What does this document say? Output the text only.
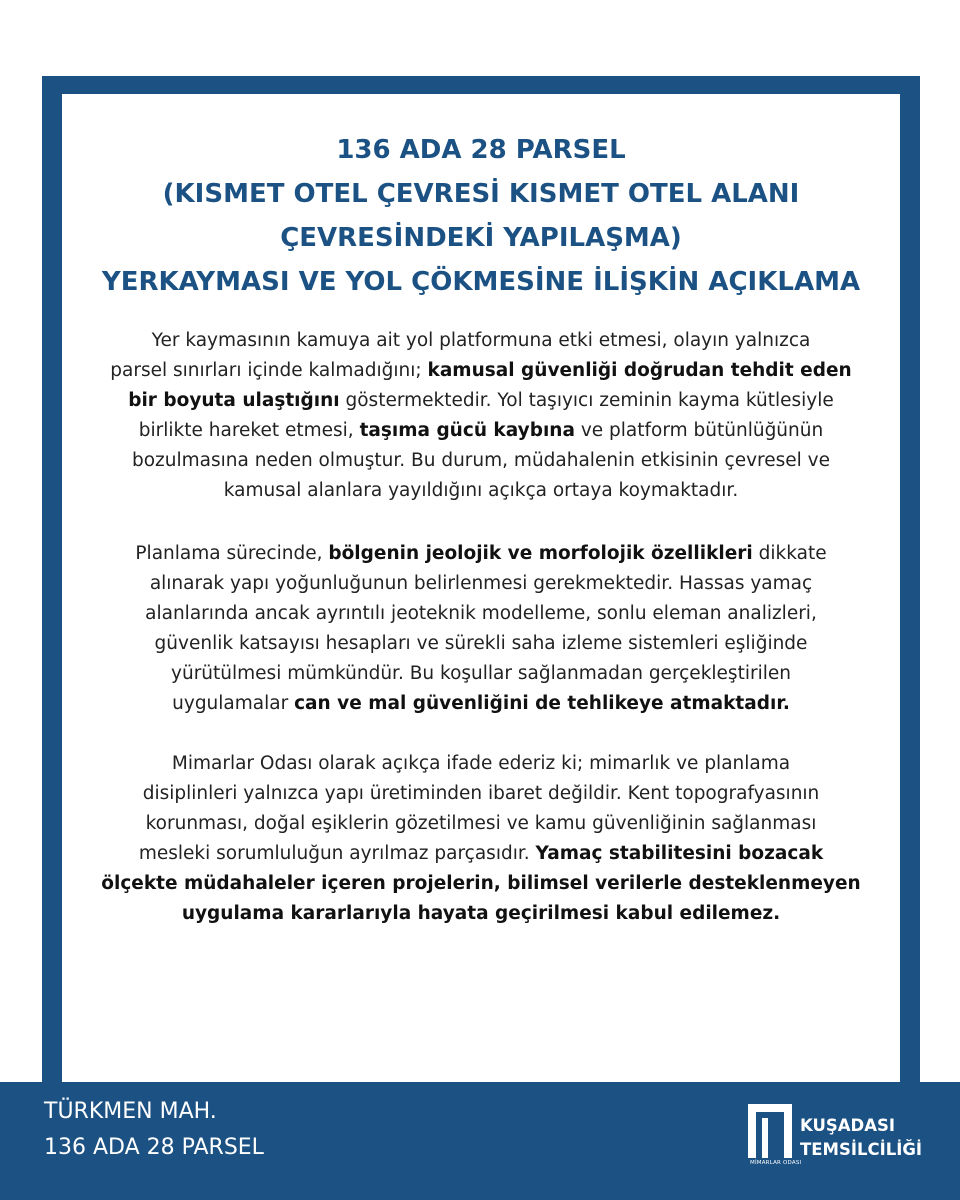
136 ADA 28 PARSEL
(KISMET OTEL ÇEVRESİ KISMET OTEL ALANI
ÇEVRESİNDEKİ YAPILAŞMA)
YERKAYMASI VE YOL ÇÖKMESİNE İLİŞKİN AÇIKLAMA
Yer kaymasının kamuya ait yol platformuna etki etmesi, olayın yalnızca
parsel sınırları içinde kalmadığını; kamusal güvenliği doğrudan tehdit eden
bir boyuta ulaştığını göstermektedir. Yol taşıyıcı zeminin kayma kütlesiyle
birlikte hareket etmesi, taşıma gücü kaybına ve platform bütünlüğünün
bozulmasına neden olmuştur. Bu durum, müdahalenin etkisinin çevresel ve
kamusal alanlara yayıldığını açıkça ortaya koymaktadır.
Planlama sürecinde, bölgenin jeolojik ve morfolojik özellikleri dikkate
alınarak yapı yoğunluğunun belirlenmesi gerekmektedir. Hassas yamaç
alanlarında ancak ayrıntılı jeoteknik modelleme, sonlu eleman analizleri,
güvenlik katsayısı hesapları ve sürekli saha izleme sistemleri eşliğinde
yürütülmesi mümkündür. Bu koşullar sağlanmadan gerçekleştirilen
uygulamalar can ve mal güvenliğini de tehlikeye atmaktadır.
Mimarlar Odası olarak açıkça ifade ederiz ki; mimarlık ve planlama
disiplinleri yalnızca yapı üretiminden ibaret değildir. Kent topografyasının
korunması, doğal eşiklerin gözetilmesi ve kamu güvenliğinin sağlanması
mesleki sorumluluğun ayrılmaz parçasıdır. Yamaç stabilitesini bozacak
ölçekte müdahaleler içeren projelerin, bilimsel verilerle desteklenmeyen
uygulama kararlarıyla hayata geçirilmesi kabul edilemez.
TÜRKMEN MAH.
136 ADA 28 PARSEL
MİMARLAR ODASI
KUŞADASI
TEMSİLCİLİĞİ
